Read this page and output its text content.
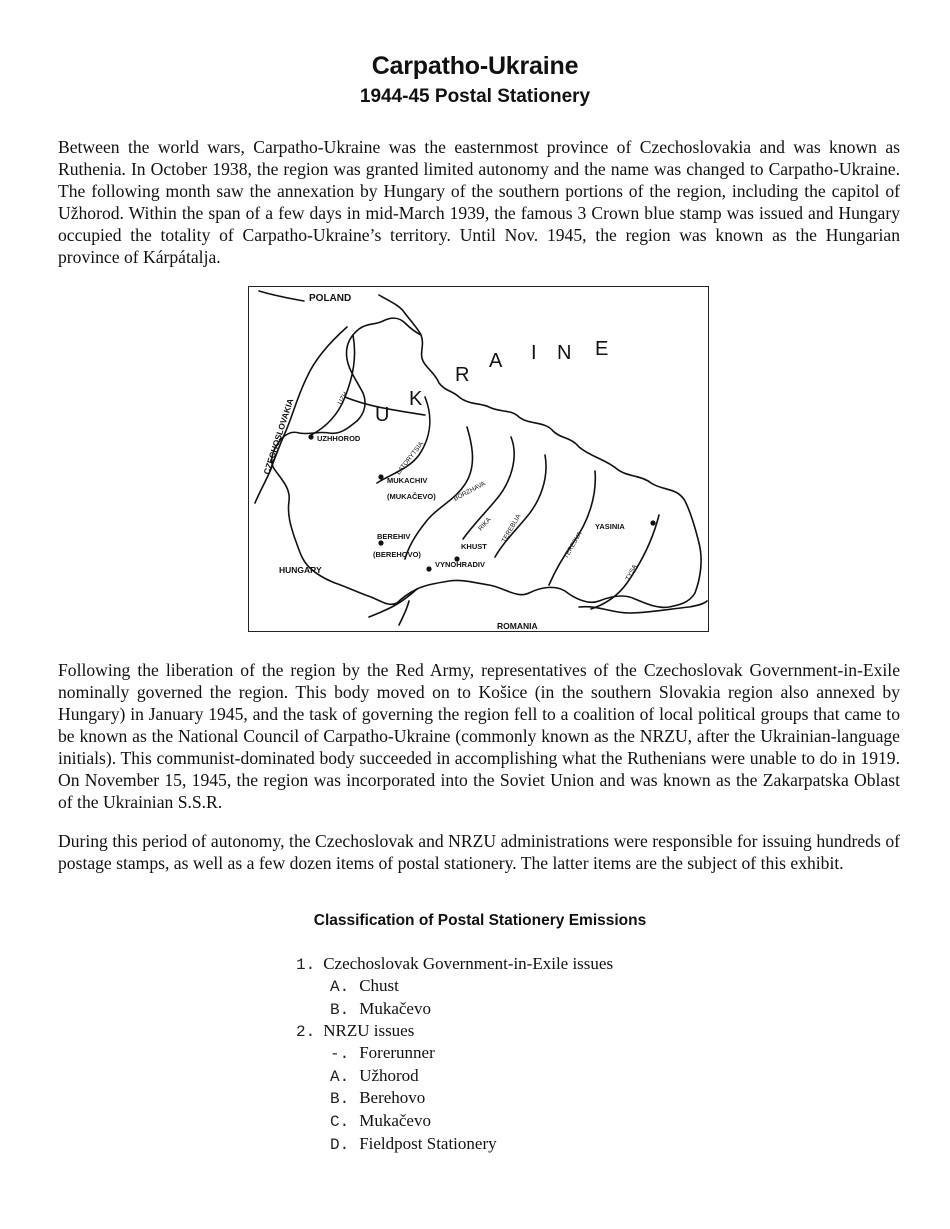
Carpatho-Ukraine
1944-45 Postal Stationery

Between the world wars, Carpatho-Ukraine was the easternmost province of Czechoslovakia and was known as Ruthenia. In October 1938, the region was granted limited autonomy and the name was changed to Carpatho-Ukraine. The following month saw the annexation by Hungary of the southern portions of the region, including the capitol of Užhorod. Within the span of a few days in mid-March 1939, the famous 3 Crown blue stamp was issued and Hungary occupied the totality of Carpatho-Ukraine’s territory. Until Nov. 1945, the region was known as the Hungarian province of Kárpátalja.

POLAND
CZECHOSLOVAKIA	U
K
R
A I N E
UZHHOROD
MUKACHIV
(MUKAČEVO)
BEREHIV
(BEREHOVO)
KHUST
VYNOHRADIV
YASINIA
HUNGARY
ROMANIA
UZH
LATORYTSIA
BORZHAVA
RIKA TEREBLIA
TERESVA
TYSA

Following the liberation of the region by the Red Army, representatives of the Czechoslovak Government-in-Exile nominally governed the region. This body moved on to Košice (in the southern Slovakia region also annexed by Hungary) in January 1945, and the task of governing the region fell to a coalition of local political groups that came to be known as the National Council of Carpatho-Ukraine (commonly known as the NRZU, after the Ukrainian-language initials). This communist-dominated body succeeded in accomplishing what the Ruthenians were unable to do in 1919. On November 15, 1945, the region was incorporated into the Soviet Union and was known as the Zakarpatska Oblast of the Ukrainian S.S.R.

During this period of autonomy, the Czechoslovak and NRZU administrations were responsible for issuing hundreds of postage stamps, as well as a few dozen items of postal stationery. The latter items are the subject of this exhibit.

Classification of Postal Stationery Emissions
1. Czechoslovak Government-in-Exile issues
A. Chust
B. Mukačevo
2. NRZU issues
-. Forerunner
A. Užhorod
B. Berehovo
C. Mukačevo
D. Fieldpost Stationery
